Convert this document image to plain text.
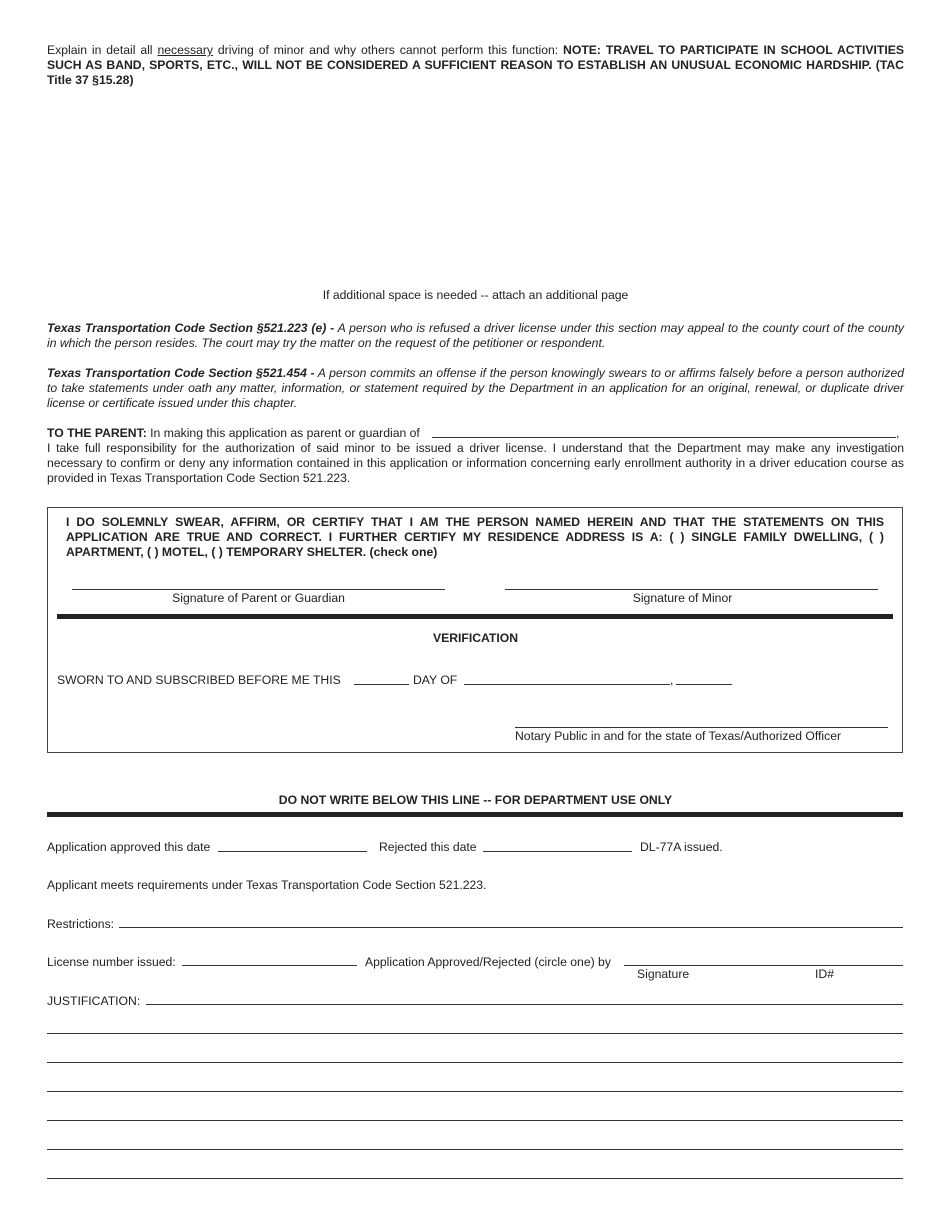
Explain in detail all necessary driving of minor and why others cannot perform this function: NOTE: TRAVEL TO PARTICIPATE IN SCHOOL ACTIVITIES SUCH AS BAND, SPORTS, ETC., WILL NOT BE CONSIDERED A SUFFICIENT REASON TO ESTABLISH AN UNUSUAL ECONOMIC HARDSHIP. (TAC Title 37 §15.28)
If additional space is needed -- attach an additional page
Texas Transportation Code Section §521.223 (e) - A person who is refused a driver license under this section may appeal to the county court of the county in which the person resides. The court may try the matter on the request of the petitioner or respondent.
Texas Transportation Code Section §521.454 - A person commits an offense if the person knowingly swears to or affirms falsely before a person authorized to take statements under oath any matter, information, or statement required by the Department in an application for an original, renewal, or duplicate driver license or certificate issued under this chapter.
TO THE PARENT: In making this application as parent or guardian of	,
I take full responsibility for the authorization of said minor to be issued a driver license. I understand that the Department may make any investigation necessary to confirm or deny any information contained in this application or information concerning early enrollment authority in a driver education course as provided in Texas Transportation Code Section 521.223.
I DO SOLEMNLY SWEAR, AFFIRM, OR CERTIFY THAT I AM THE PERSON NAMED HEREIN AND THAT THE STATEMENTS ON THIS APPLICATION ARE TRUE AND CORRECT. I FURTHER CERTIFY MY RESIDENCE ADDRESS IS A: ( ) SINGLE FAMILY DWELLING, ( ) APARTMENT, ( ) MOTEL, ( ) TEMPORARY SHELTER. (check one)
Signature of Parent or Guardian	Signature of Minor
VERIFICATION
SWORN TO AND SUBSCRIBED BEFORE ME THIS	DAY OF	,
Notary Public in and for the state of Texas/Authorized Officer
DO NOT WRITE BELOW THIS LINE -- FOR DEPARTMENT USE ONLY
Application approved this date	Rejected this date	DL-77A issued.
Applicant meets requirements under Texas Transportation Code Section 521.223.
Restrictions:
License number issued:	Application Approved/Rejected (circle one) by
Signature	ID#
JUSTIFICATION:
